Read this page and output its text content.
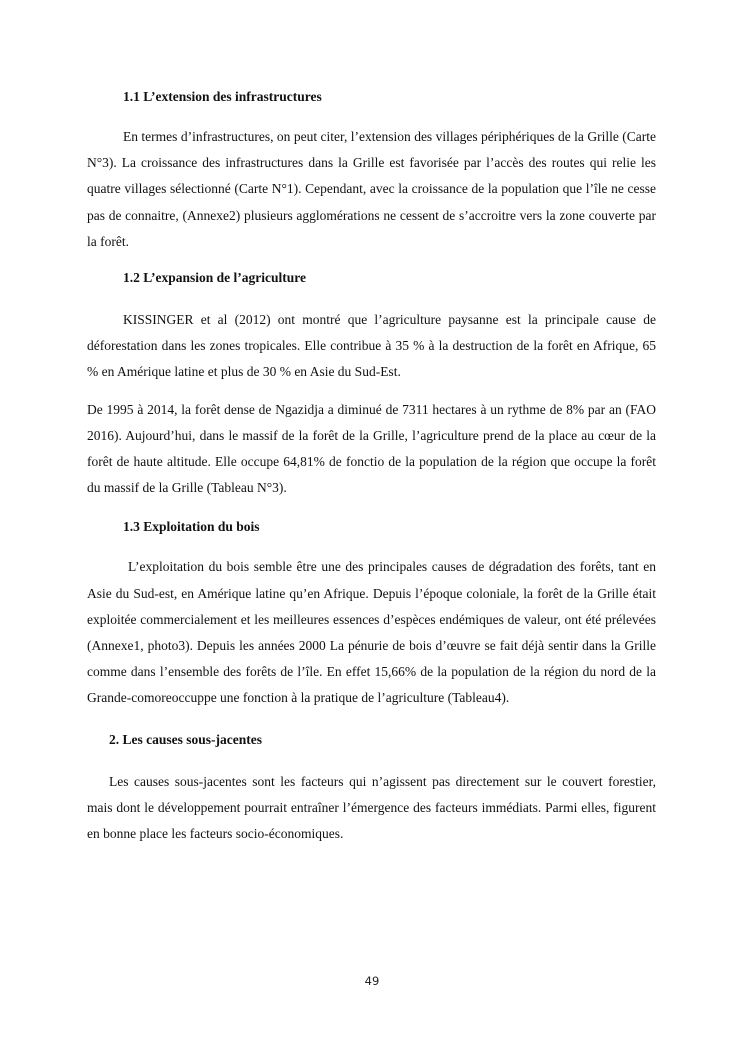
1.1 L’extension des infrastructures

En termes d’infrastructures, on peut citer, l’extension des villages périphériques de la Grille (Carte N°3). La croissance des infrastructures dans la Grille est favorisée par l’accès des routes qui relie les quatre villages sélectionné (Carte N°1). Cependant, avec la croissance de la population que l’île ne cesse pas de connaitre, (Annexe2) plusieurs agglomérations ne cessent de s’accroitre vers la zone couverte par la forêt.

1.2 L’expansion de l’agriculture

KISSINGER et al (2012) ont montré que l’agriculture paysanne est la principale cause de déforestation dans les zones tropicales. Elle contribue à 35 % à la destruction de la forêt en Afrique, 65 % en Amérique latine et plus de 30 % en Asie du Sud-Est.

De 1995 à 2014, la forêt dense de Ngazidja a diminué de 7311 hectares à un rythme de 8% par an (FAO 2016). Aujourd’hui, dans le massif de la forêt de la Grille, l’agriculture prend de la place au cœur de la forêt de haute altitude. Elle occupe 64,81% de fonctio de la population de la région que occupe la forêt du massif de la Grille (Tableau N°3).

1.3 Exploitation du bois

L’exploitation du bois semble être une des principales causes de dégradation des forêts, tant en Asie du Sud-est, en Amérique latine qu’en Afrique. Depuis l’époque coloniale, la forêt de la Grille était exploitée commercialement et les meilleures essences d’espèces endémiques de valeur, ont été prélevées (Annexe1, photo3). Depuis les années 2000 La pénurie de bois d’œuvre se fait déjà sentir dans la Grille comme dans l’ensemble des forêts de l’île. En effet 15,66% de la population de la région du nord de la Grande-comoreoccuppe une fonction à la pratique de l’agriculture (Tableau4).

2. Les causes sous-jacentes

Les causes sous-jacentes sont les facteurs qui n’agissent pas directement sur le couvert forestier, mais dont le développement pourrait entraîner l’émergence des facteurs immédiats. Parmi elles, figurent en bonne place les facteurs socio-économiques.

49
